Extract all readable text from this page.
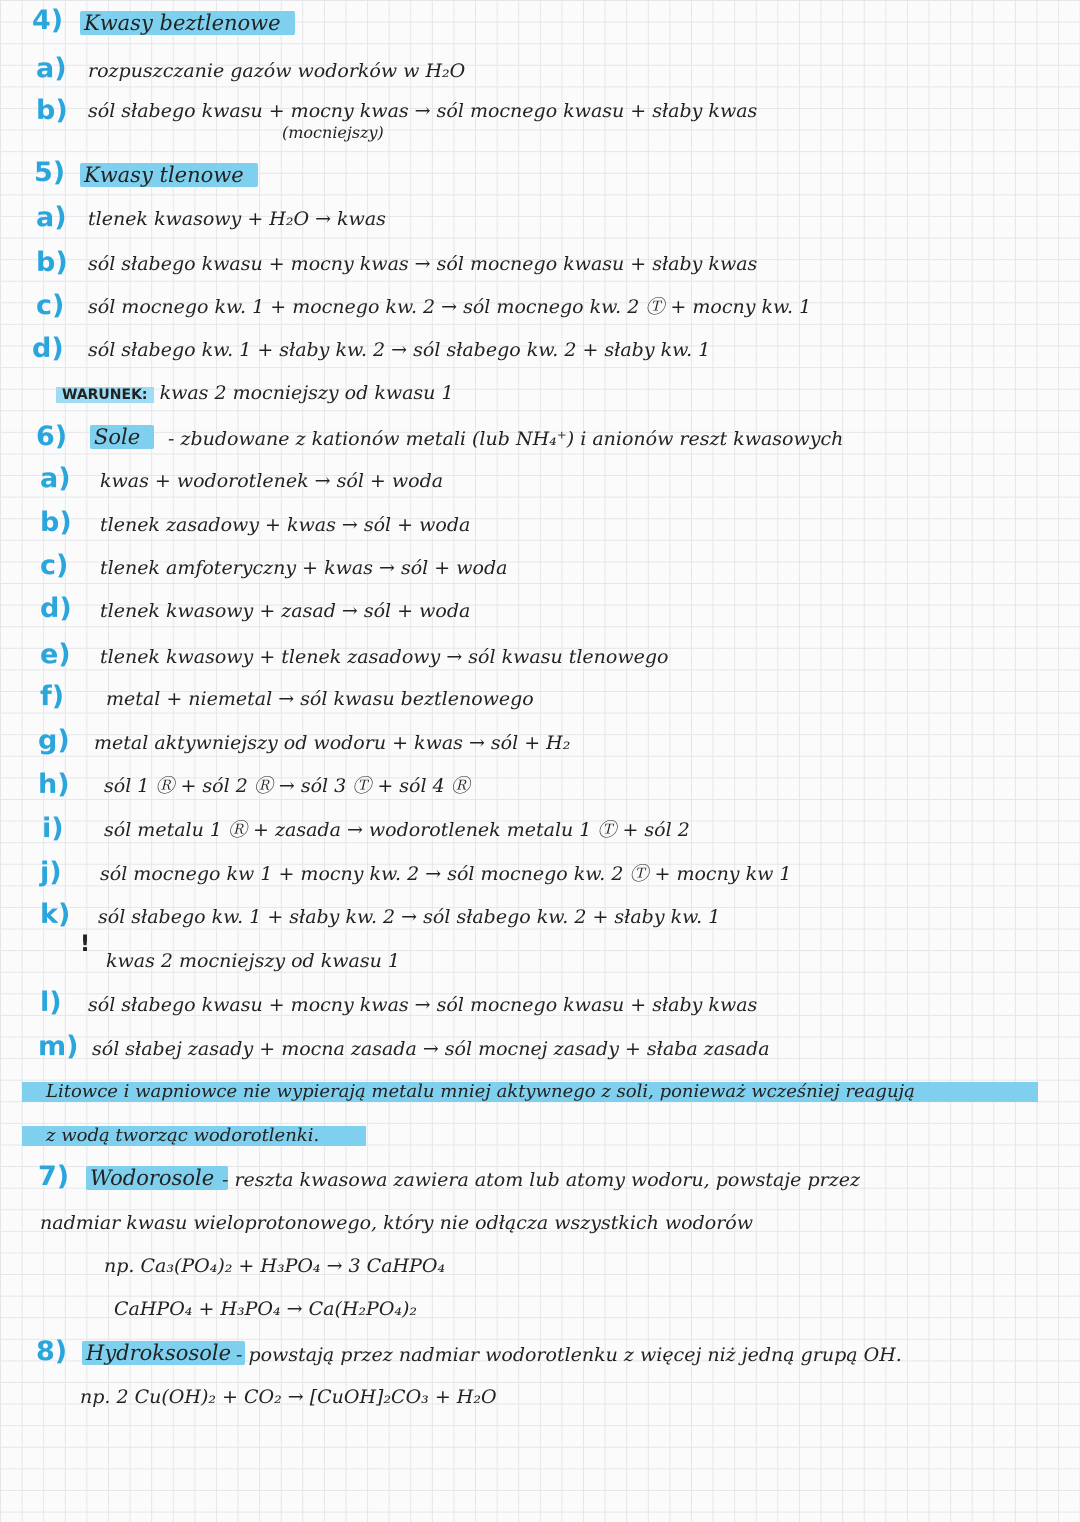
4) Kwasy beztlenowe
a) rozpuszczanie gazów wodorków w H₂O
b) sól słabego kwasu + mocny kwas → sól mocnego kwasu + słaby kwas
(mocniejszy)
5) Kwasy tlenowe
a) tlenek kwasowy + H₂O → kwas
b) sól słabego kwasu + mocny kwas → sól mocnego kwasu + słaby kwas
c) sól mocnego kw. 1 + mocnego kw. 2 → sól mocnego kw. 2 Ⓣ + mocny kw. 1
d) sól słabego kw. 1 + słaby kw. 2 → sól słabego kw. 2 + słaby kw. 1
WARUNEK: kwas 2 mocniejszy od kwasu 1
6) Sole	- zbudowane z kationów metali (lub NH₄⁺) i anionów reszt kwasowych
a) kwas + wodorotlenek → sól + woda
b) tlenek zasadowy + kwas → sól + woda
c) tlenek amfoteryczny + kwas → sól + woda
d) tlenek kwasowy + zasad → sól + woda
e) tlenek kwasowy + tlenek zasadowy → sól kwasu tlenowego
f) metal + niemetal → sól kwasu beztlenowego
g) metal aktywniejszy od wodoru + kwas → sól + H₂
h) sól 1 Ⓡ + sól 2 Ⓡ → sól 3 Ⓣ + sól 4 Ⓡ
i) sól metalu 1 Ⓡ + zasada → wodorotlenek metalu 1 Ⓣ + sól 2
j) sól mocnego kw 1 + mocny kw. 2 → sól mocnego kw. 2 Ⓣ + mocny kw 1
k) sól słabego kw. 1 + słaby kw. 2 → sól słabego kw. 2 + słaby kw. 1
!
kwas 2 mocniejszy od kwasu 1
l) sól słabego kwasu + mocny kwas → sól mocnego kwasu + słaby kwas
m) sól słabej zasady + mocna zasada → sól mocnej zasady + słaba zasada
Litowce i wapniowce nie wypierają metalu mniej aktywnego z soli, ponieważ wcześniej reagują
z wodą tworząc wodorotlenki.
7) Wodorosole - reszta kwasowa zawiera atom lub atomy wodoru, powstaje przez
nadmiar kwasu wieloprotonowego, który nie odłącza wszystkich wodorów
np. Ca₃(PO₄)₂ + H₃PO₄ → 3 CaHPO₄
CaHPO₄ + H₃PO₄ → Ca(H₂PO₄)₂
8) Hydroksosole - powstają przez nadmiar wodorotlenku z więcej niż jedną grupą OH.
np. 2 Cu(OH)₂ + CO₂ → [CuOH]₂CO₃ + H₂O
